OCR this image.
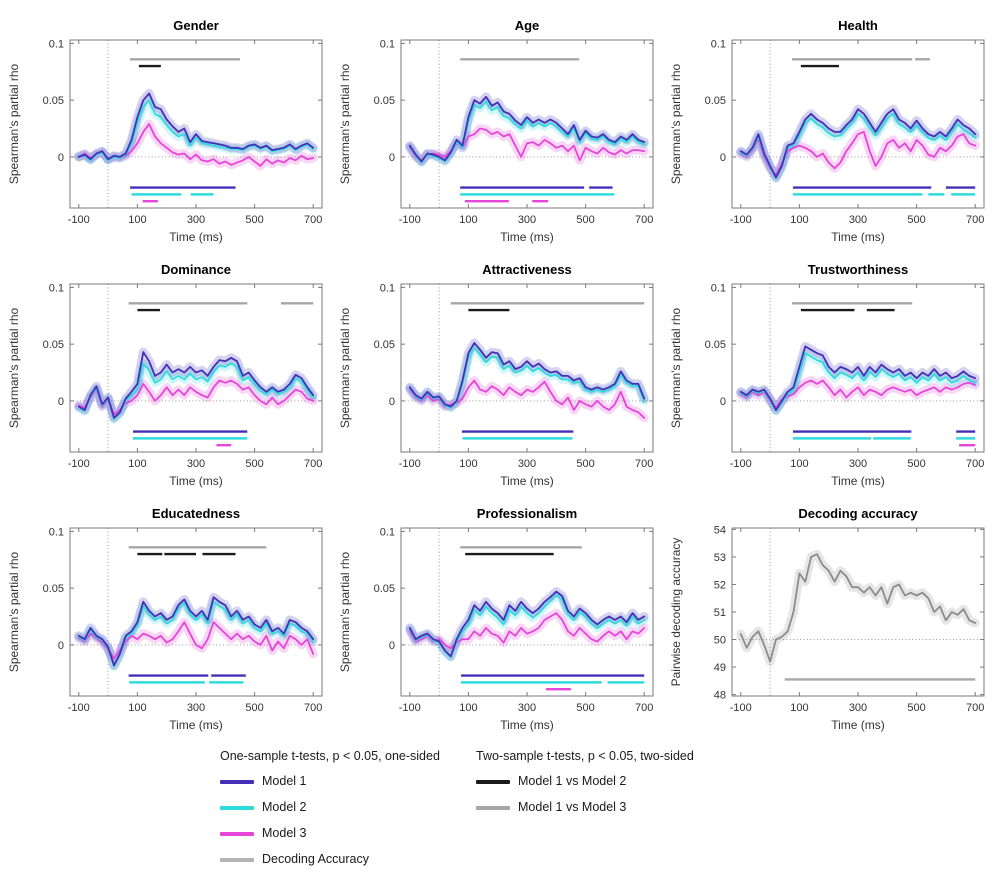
-100	100	300	500	700
0
0.05
0.1
Gender
Time (ms)
Spearman's partial rho
-100	100	300	500	700
0
0.05
0.1
Age
Time (ms)
Spearman's partial rho
-100	100	300	500	700
0
0.05
0.1
Health
Time (ms)
Spearman's partial rho
-100	100	300	500	700
0
0.05
0.1
Dominance
Time (ms)
Spearman's partial rho
-100	100	300	500	700
0
0.05
0.1
Attractiveness
Time (ms)
Spearman's partial rho
-100	100	300	500	700
0
0.05
0.1
Trustworthiness
Time (ms)
Spearman's partial rho
-100	100	300	500	700
0
0.05
0.1
Educatedness
Time (ms)
Spearman's partial rho
-100	100	300	500	700
0
0.05
0.1
Professionalism
Time (ms)
Spearman's partial rho
-100	100	300	500	700
48
49
50
51
52
53
54
Decoding accuracy
Time (ms)
Pairwise decoding accuracy
One-sample t-tests, p < 0.05, one-sided
Model 1
Model 2
Model 3
Decoding Accuracy
Two-sample t-tests, p < 0.05, two-sided
Model 1 vs Model 2
Model 1 vs Model 3
